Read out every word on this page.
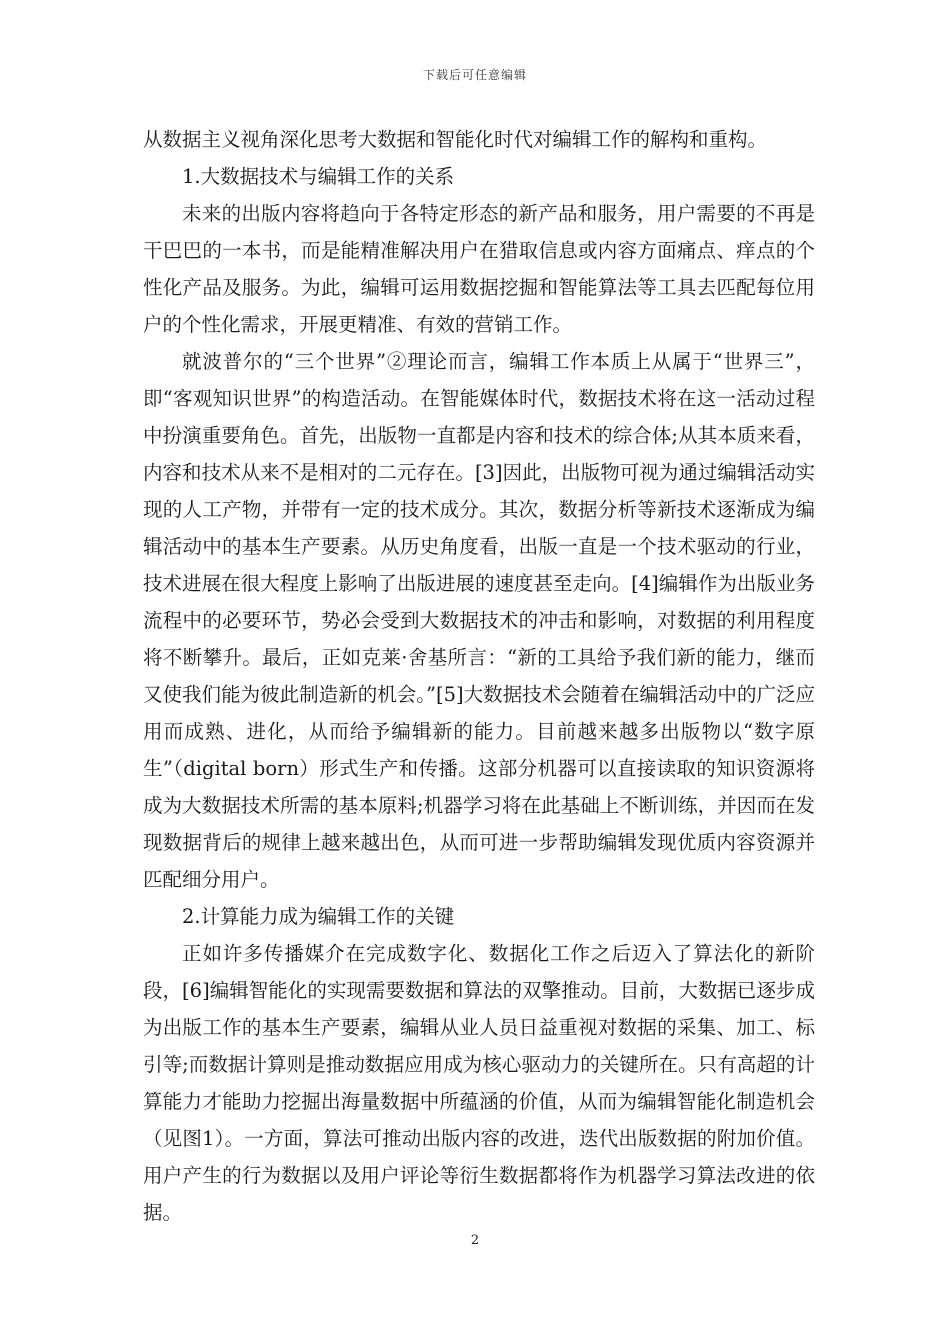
下载后可任意编辑

从数据主义视角深化思考大数据和智能化时代对编辑工作的解构和重构。

1.大数据技术与编辑工作的关系

未来的出版内容将趋向于各特定形态的新产品和服务，用户需要的不再是干巴巴的一本书，而是能精准解决用户在猎取信息或内容方面痛点、痒点的个性化产品及服务。为此，编辑可运用数据挖掘和智能算法等工具去匹配每位用户的个性化需求，开展更精准、有效的营销工作。

就波普尔的“三个世界”②理论而言，编辑工作本质上从属于“世界三”，即“客观知识世界”的构造活动。在智能媒体时代，数据技术将在这一活动过程中扮演重要角色。首先，出版物一直都是内容和技术的综合体;从其本质来看，内容和技术从来不是相对的二元存在。[3]因此，出版物可视为通过编辑活动实现的人工产物，并带有一定的技术成分。其次，数据分析等新技术逐渐成为编辑活动中的基本生产要素。从历史角度看，出版一直是一个技术驱动的行业，技术进展在很大程度上影响了出版进展的速度甚至走向。[4]编辑作为出版业务流程中的必要环节，势必会受到大数据技术的冲击和影响，对数据的利用程度将不断攀升。最后，正如克莱·舍基所言：“新的工具给予我们新的能力，继而又使我们能为彼此制造新的机会。”[5]大数据技术会随着在编辑活动中的广泛应用而成熟、进化，从而给予编辑新的能力。目前越来越多出版物以“数字原生”（digital born）形式生产和传播。这部分机器可以直接读取的知识资源将成为大数据技术所需的基本原料;机器学习将在此基础上不断训练，并因而在发现数据背后的规律上越来越出色，从而可进一步帮助编辑发现优质内容资源并匹配细分用户。

2.计算能力成为编辑工作的关键

正如许多传播媒介在完成数字化、数据化工作之后迈入了算法化的新阶段，[6]编辑智能化的实现需要数据和算法的双擎推动。目前，大数据已逐步成为出版工作的基本生产要素，编辑从业人员日益重视对数据的采集、加工、标引等;而数据计算则是推动数据应用成为核心驱动力的关键所在。只有高超的计算能力才能助力挖掘出海量数据中所蕴涵的价值，从而为编辑智能化制造机会（见图1）。一方面，算法可推动出版内容的改进，迭代出版数据的附加价值。用户产生的行为数据以及用户评论等衍生数据都将作为机器学习算法改进的依据。

2
